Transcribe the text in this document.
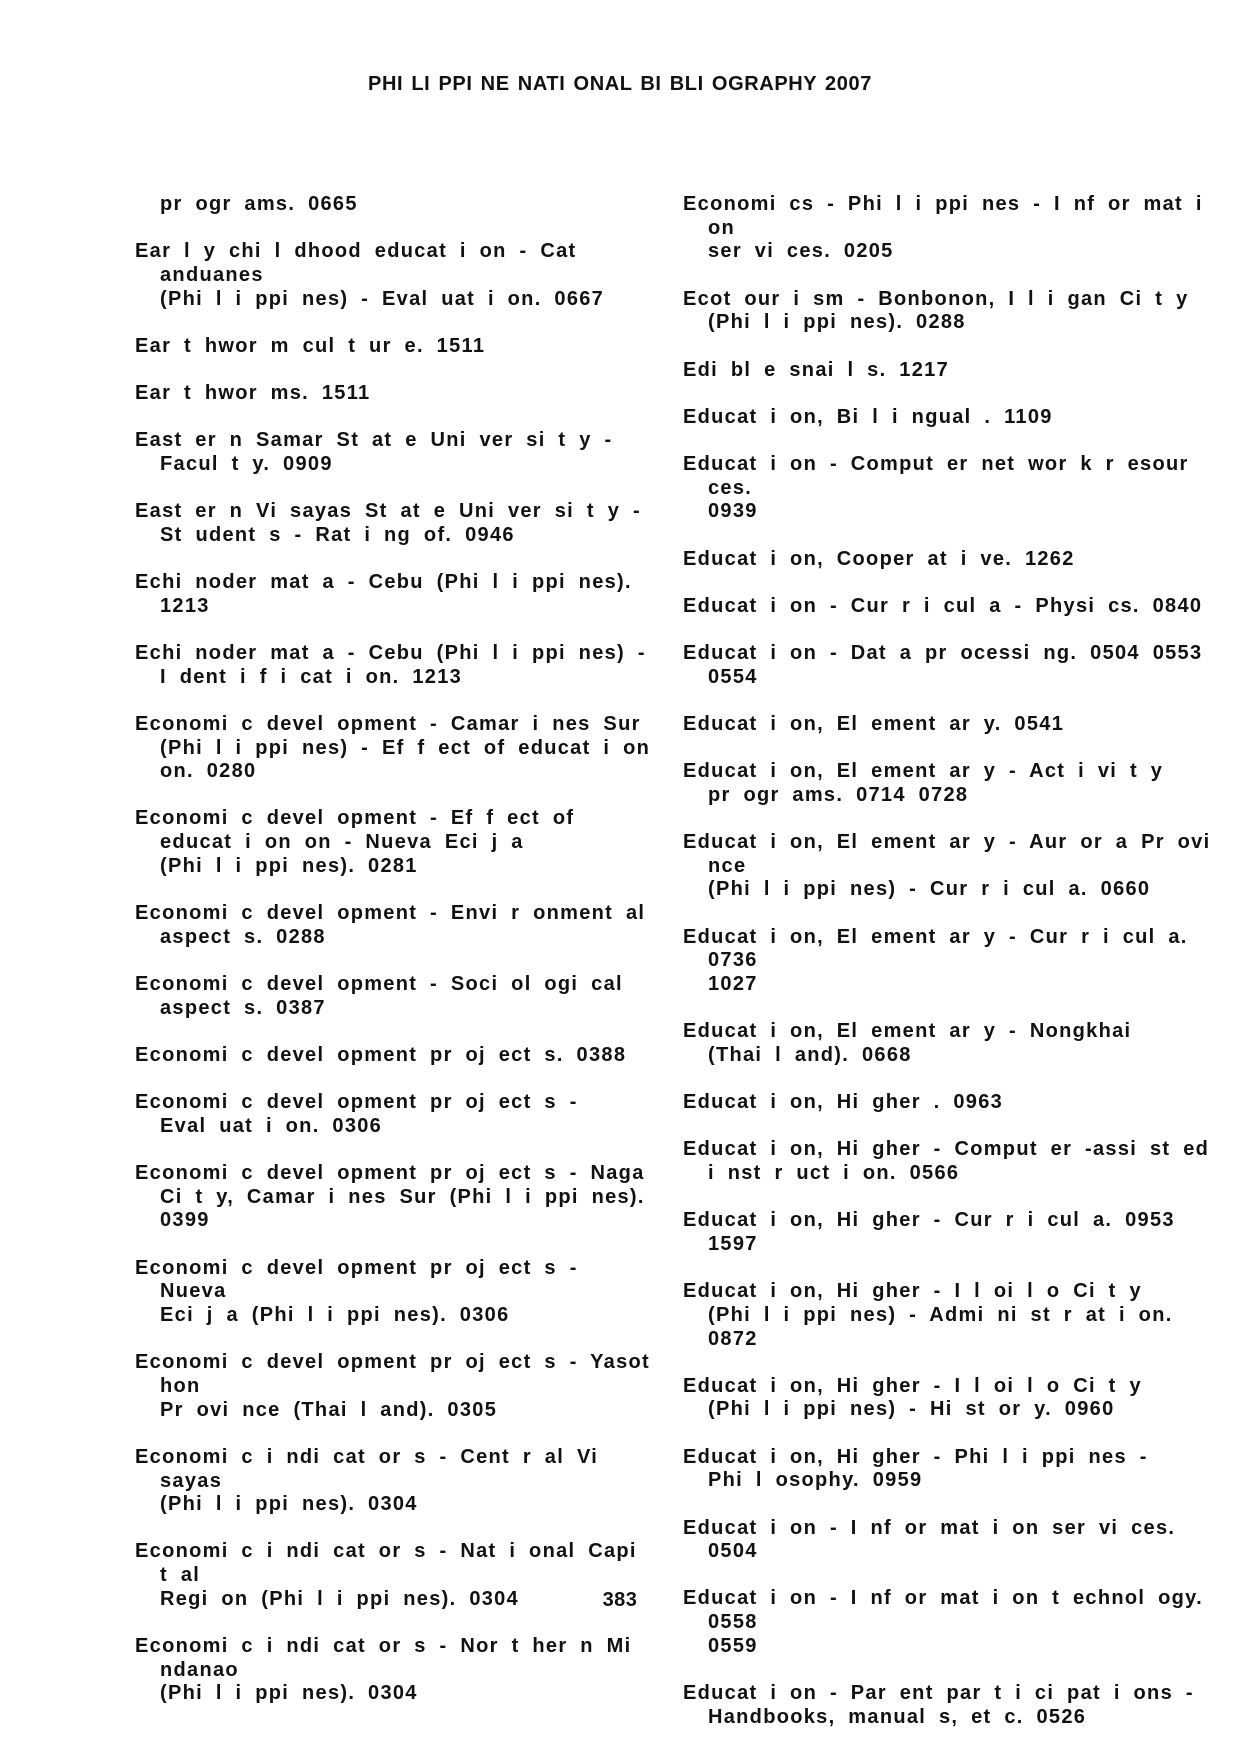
PHI LI PPI NE NATI ONAL BI BLI OGRAPHY 2007
pr ogr ams. 0665
Ear l y chi l dhood educat i on - Cat anduanes
(Phi l i ppi nes) - Eval uat i on. 0667
Ear t hwor m cul t ur e. 1511
Ear t hwor ms. 1511
East er n Samar St at e Uni ver si t y -
Facul t y. 0909
East er n Vi sayas St at e Uni ver si t y -
St udent s - Rat i ng of. 0946
Echi noder mat a - Cebu (Phi l i ppi nes). 1213
Echi noder mat a - Cebu (Phi l i ppi nes) -
I dent i f i cat i on. 1213
Economi c devel opment - Camar i nes Sur
(Phi l i ppi nes) - Ef f ect of educat i on
on. 0280
Economi c devel opment - Ef f ect of
educat i on on - Nueva Eci j a
(Phi l i ppi nes). 0281
Economi c devel opment - Envi r onment al
aspect s. 0288
Economi c devel opment - Soci ol ogi cal
aspect s. 0387
Economi c devel opment pr oj ect s. 0388
Economi c devel opment pr oj ect s -
Eval uat i on. 0306
Economi c devel opment pr oj ect s - Naga
Ci t y, Camar i nes Sur (Phi l i ppi nes).
0399
Economi c devel opment pr oj ect s - Nueva
Eci j a (Phi l i ppi nes). 0306
Economi c devel opment pr oj ect s - Yasot hon
Pr ovi nce (Thai l and). 0305
Economi c i ndi cat or s - Cent r al Vi sayas
(Phi l i ppi nes). 0304
Economi c i ndi cat or s - Nat i onal Capi t al
Regi on (Phi l i ppi nes). 0304
Economi c i ndi cat or s - Nor t her n Mi ndanao
(Phi l i ppi nes). 0304
Economi cs - Phi l i ppi nes - I nf or mat i on
ser vi ces. 0205
Ecot our i sm - Bonbonon, I l i gan Ci t y
(Phi l i ppi nes). 0288
Edi bl e snai l s. 1217
Educat i on, Bi l i ngual . 1109
Educat i on - Comput er net wor k r esour ces.
0939
Educat i on, Cooper at i ve. 1262
Educat i on - Cur r i cul a - Physi cs. 0840
Educat i on - Dat a pr ocessi ng. 0504 0553
0554
Educat i on, El ement ar y. 0541
Educat i on, El ement ar y - Act i vi t y
pr ogr ams. 0714 0728
Educat i on, El ement ar y - Aur or a Pr ovi nce
(Phi l i ppi nes) - Cur r i cul a. 0660
Educat i on, El ement ar y - Cur r i cul a. 0736
1027
Educat i on, El ement ar y - Nongkhai
(Thai l and). 0668
Educat i on, Hi gher . 0963
Educat i on, Hi gher - Comput er -assi st ed
i nst r uct i on. 0566
Educat i on, Hi gher - Cur r i cul a. 0953 1597
Educat i on, Hi gher - I l oi l o Ci t y
(Phi l i ppi nes) - Admi ni st r at i on. 0872
Educat i on, Hi gher - I l oi l o Ci t y
(Phi l i ppi nes) - Hi st or y. 0960
Educat i on, Hi gher - Phi l i ppi nes -
Phi l osophy. 0959
Educat i on - I nf or mat i on ser vi ces. 0504
Educat i on - I nf or mat i on t echnol ogy. 0558
0559
Educat i on - Par ent par t i ci pat i ons -
Handbooks, manual s, et c. 0526
383
